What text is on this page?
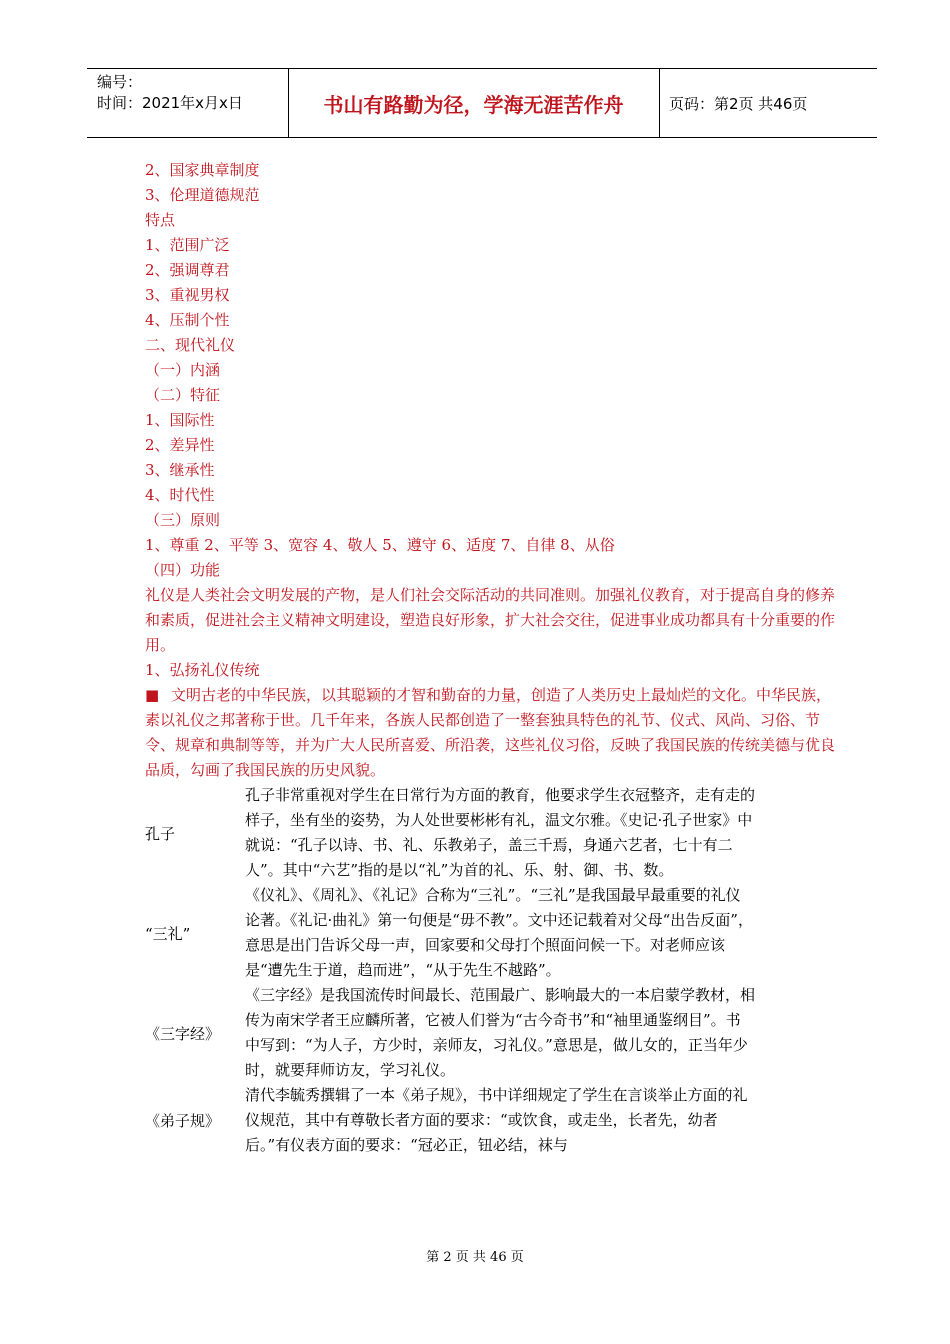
编号：
时间：2021年x月x日	书山有路勤为径，学海无涯苦作舟	页码：第2页 共46页
2、国家典章制度
3、伦理道德规范
特点
1、范围广泛
2、强调尊君
3、重视男权
4、压制个性
二、现代礼仪
（一）内涵
（二）特征
1、国际性
2、差异性
3、继承性
4、时代性
（三）原则
1、尊重 2、平等 3、宽容 4、敬人 5、遵守 6、适度 7、自律 8、从俗
（四）功能
礼仪是人类社会文明发展的产物，是人们社会交际活动的共同准则。加强礼仪教育，对于提高自身的修养和素质，促进社会主义精神文明建设，塑造良好形象，扩大社会交往，促进事业成功都具有十分重要的作用。
1、弘扬礼仪传统
■ 文明古老的中华民族，以其聪颖的才智和勤奋的力量，创造了人类历史上最灿烂的文化。中华民族，素以礼仪之邦著称于世。几千年来，各族人民都创造了一整套独具特色的礼节、仪式、风尚、习俗、节令、规章和典制等等，并为广大人民所喜爱、所沿袭，这些礼仪习俗，反映了我国民族的传统美德与优良品质，勾画了我国民族的历史风貌。
孔子
孔子非常重视对学生在日常行为方面的教育，他要求学生衣冠整齐，走有走的样子，坐有坐的姿势，为人处世要彬彬有礼，温文尔雅。《史记·孔子世家》中就说：“孔子以诗、书、礼、乐教弟子，盖三千焉，身通六艺者，七十有二人”。其中“六艺”指的是以“礼”为首的礼、乐、射、御、书、数。
“三礼”
《仪礼》、《周礼》、《礼记》合称为“三礼”。“三礼”是我国最早最重要的礼仪论著。《礼记·曲礼》第一句便是“毋不教”。文中还记载着对父母“出告反面”，意思是出门告诉父母一声，回家要和父母打个照面问候一下。对老师应该是“遭先生于道，趋而进”，“从于先生不越路”。
《三字经》
《三字经》是我国流传时间最长、范围最广、影响最大的一本启蒙学教材，相传为南宋学者王应麟所著，它被人们誉为“古今奇书”和“袖里通鉴纲目”。书中写到：“为人子，方少时，亲师友，习礼仪。”意思是，做儿女的，正当年少时，就要拜师访友，学习礼仪。
《弟子规》
清代李毓秀撰辑了一本《弟子规》，书中详细规定了学生在言谈举止方面的礼仪规范，其中有尊敬长者方面的要求：“或饮食，或走坐，长者先，幼者后。”有仪表方面的要求：“冠必正，钮必结，袜与
第 2 页 共 46 页
